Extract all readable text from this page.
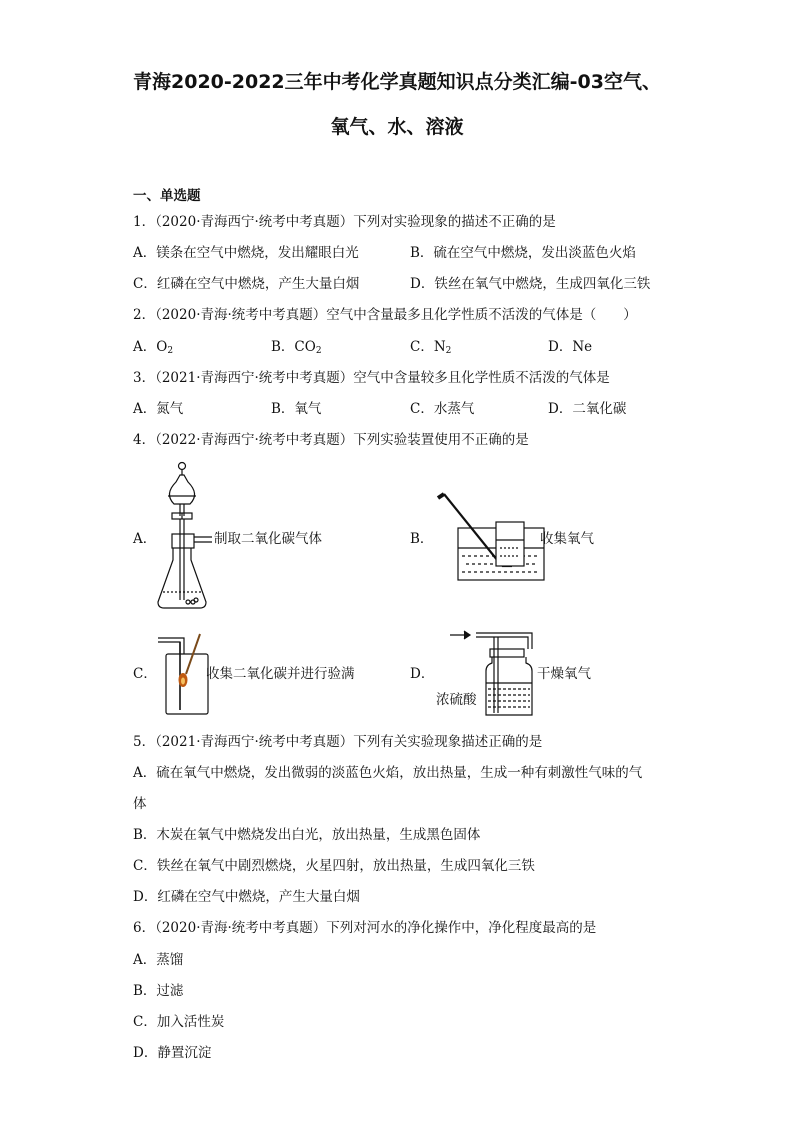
青海2020-2022三年中考化学真题知识点分类汇编-03空气、
氧气、水、溶液
一、单选题
1．（2020·青海西宁·统考中考真题）下列对实验现象的描述不正确的是
A．镁条在空气中燃烧，发出耀眼白光	B．硫在空气中燃烧，发出淡蓝色火焰
C．红磷在空气中燃烧，产生大量白烟	D．铁丝在氧气中燃烧，生成四氧化三铁
2．（2020·青海·统考中考真题）空气中含量最多且化学性质不活泼的气体是（　　）
A．$O_2$	B．$CO_2$	C．$N_2$	D．Ne
3．（2021·青海西宁·统考中考真题）空气中含量较多且化学性质不活泼的气体是
A．氮气	B．氧气	C．水蒸气	D．二氧化碳
4．（2022·青海西宁·统考中考真题）下列实验装置使用不正确的是
A．	制取二氧化碳气体	B．	收集氧气
C．	收集二氧化碳并进行验满	D．	干燥氧气
浓硫酸
5．（2021·青海西宁·统考中考真题）下列有关实验现象描述正确的是
A．硫在氧气中燃烧，发出微弱的淡蓝色火焰，放出热量，生成一种有刺激性气味的气
体
B．木炭在氧气中燃烧发出白光，放出热量，生成黑色固体
C．铁丝在氧气中剧烈燃烧，火星四射，放出热量，生成四氧化三铁
D．红磷在空气中燃烧，产生大量白烟
6．（2020·青海·统考中考真题）下列对河水的净化操作中，净化程度最高的是
A．蒸馏
B．过滤
C．加入活性炭
D．静置沉淀
